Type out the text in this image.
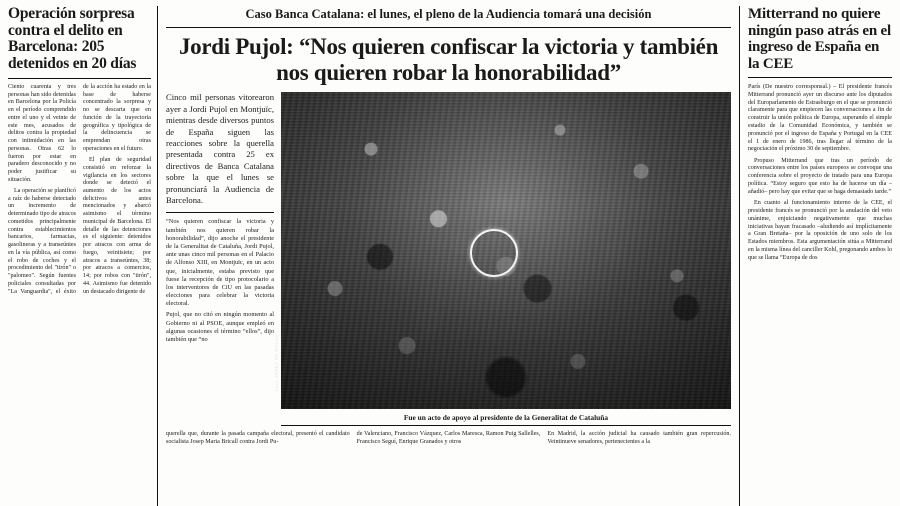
Operación sorpresa contra el delito en Barcelona: 205 detenidos en 20 días

Ciento cuarenta y tres personas han sido detenidas en Barcelona por la Policía en el período comprendido entre el uno y el veinte de este mes, acusados de delitos contra la propiedad con intimidación en las personas. Otras 62 lo fueron por estar en paradero desconocido y no poder justificar su situación.

La operación se planificó a raíz de haberse detectado un incremento de determinado tipo de atracos cometidos principalmente contra establecimientos bancarios, farmacias, gasolineras y a transeúntes en la vía pública, así como el robo de coches y el procedimiento del "tirón" o "palomeo". Según fuentes policiales consultadas por "La Vanguardia", el éxito de la acción ha estado en la base de haberse concentrado la sorpresa y no se descarta que en función de la trayectoria geográfica y tipológica de la delincuencia se emprendan otras operaciones en el futuro.

El plan de seguridad consistió en reforzar la vigilancia en los sectores donde se detectó el aumento de los actos delictivos antes mencionados y abarcó asimismo el término municipal de Barcelona. El detalle de las detenciones es el siguiente: detenidos por atracos con arma de fuego, veintisiete; por atracos a transeúntes, 38; por atracos a comercios, 14; por robos con "tirón", 44. Asimismo fue detenido un destacado dirigente de

Caso Banca Catalana: el lunes, el pleno de la Audiencia tomará una decisión
Jordi Pujol: “Nos quieren confiscar la victoria y también nos quieren robar la honorabilidad”

Cinco mil personas vitorearon ayer a Jordi Pujol en Montjuïc, mientras desde diversos puntos de España siguen las reacciones sobre la querella presentada contra 25 ex directivos de Banca Catalana sobre la que el lunes se pronunciará la Audiencia de Barcelona.

“Nos quieren confiscar la victoria y también nos quieren robar la honorabilidad”, dijo anoche el presidente de la Generalitat de Cataluña, Jordi Pujol, ante unas cinco mil personas en el Palacio de Alfonso XIII, en Montjuïc, en un acto que, inicialmente, estaba previsto que fuese la recepción de tipo protocolario a los interventores de CiU en las pasadas elecciones para celebrar la victoria electoral.

Pujol, que no citó en ningún momento al Gobierno ni al PSOE, aunque empleó en algunas ocasiones el término “ellos”, dijo también que “no	Foto: PÉREZ DE ROZAS
Fue un acto de apoyo al presidente de la Generalitat de Cataluña

querella que, durante la pasada campaña electoral, presentó el candidato socialista Josep Maria Bricall contra Jordi Pu-

de Valenciano, Francisco Vázquez, Carlos Maresca, Ramon Puig Sallelles, Francisco Seguí, Enrique Granados y otros

En Madrid, la acción judicial ha causado también gran repercusión. Veintinueve senadores, pertenecientes a la

Mitterrand no quiere ningún paso atrás en el ingreso de España en la CEE

París (De nuestro corresponsal.) – El presidente francés Mitterrand pronunció ayer un discurso ante los diputados del Europarlamento de Estrasburgo en el que se pronunció claramente para que empiecen las conversaciones a fin de construir la unión política de Europa, superando el simple estadio de la Comunidad Económica, y también se pronunció por el ingreso de España y Portugal en la CEE el 1 de enero de 1986, tras llegar al término de la negociación el próximo 30 de septiembre.

Propuso Mitterrand que tras un período de conversaciones entre los países europeos se convoque una conferencia sobre el proyecto de tratado para una Europa política. “Estoy seguro que esto ha de hacerse un día –añadió– pero hay que evitar que se haga demasiado tarde.”

En cuanto al funcionamiento interno de la CEE, el presidente francés se pronunció por la anulación del veto unánime, enjuiciando negativamente que muchas iniciativas hayan fracasado –aludiendo así implícitamente a Gran Bretaña– por la oposición de uno solo de los Estados miembros. Esta argumentación sitúa a Mitterrand en la misma línea del canciller Kohl, pregonando ambos lo que se llama “Europa de dos
